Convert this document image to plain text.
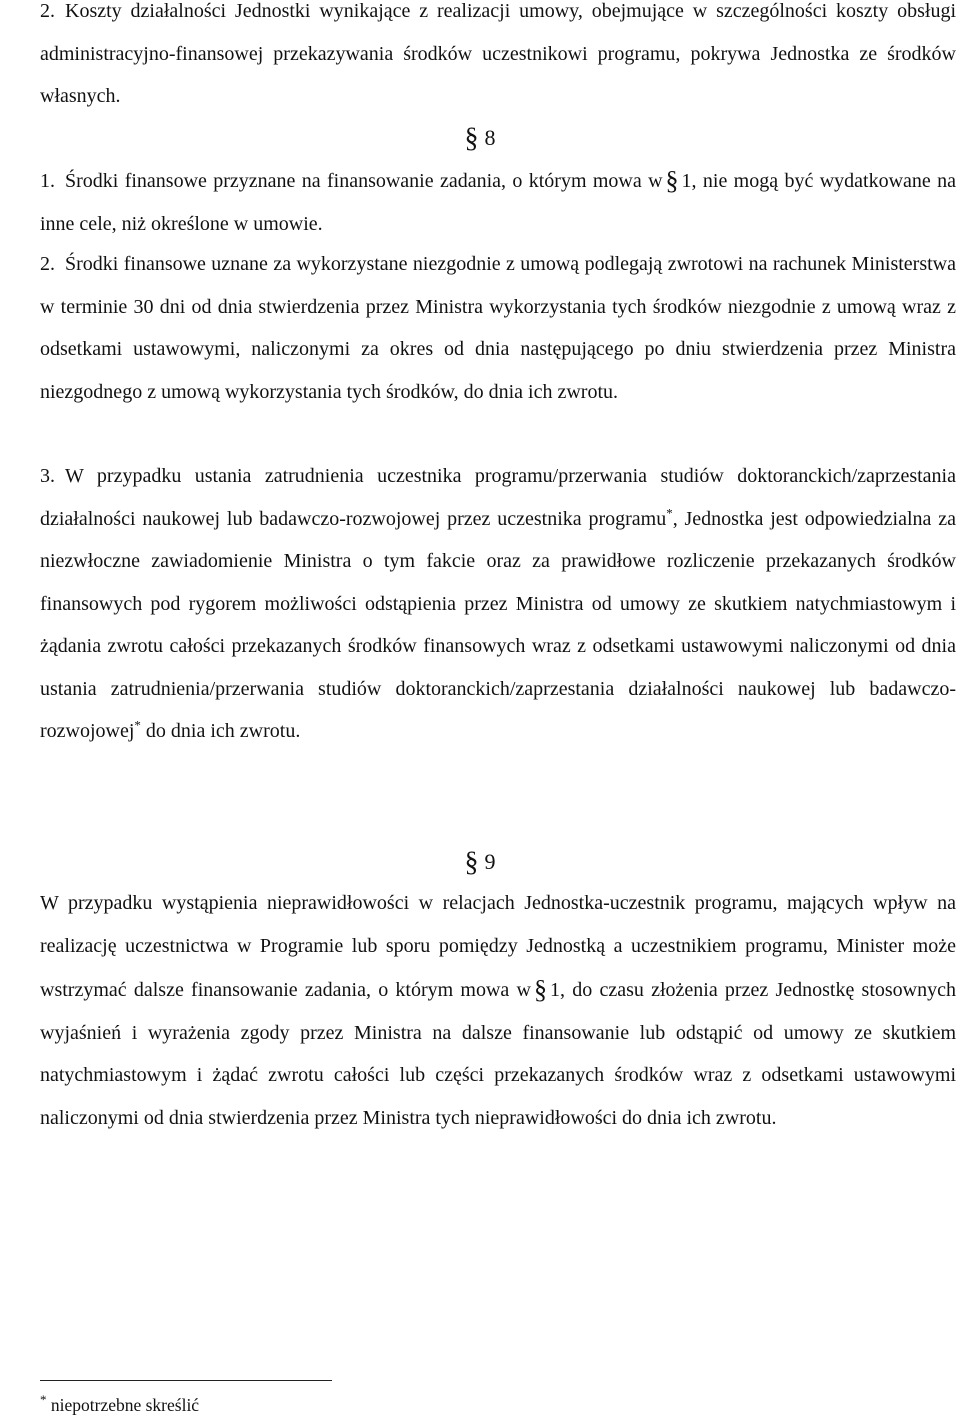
2. Koszty działalności Jednostki wynikające z realizacji umowy, obejmujące w szczególności koszty obsługi administracyjno-finansowej przekazywania środków uczestnikowi programu, pokrywa Jednostka ze środków własnych.

§ 8

1. Środki finansowe przyznane na finansowanie zadania, o którym mowa w § 1, nie mogą być wydatkowane na inne cele, niż określone w umowie.

2. Środki finansowe uznane za wykorzystane niezgodnie z umową podlegają zwrotowi na rachunek Ministerstwa w terminie 30 dni od dnia stwierdzenia przez Ministra wykorzystania tych środków niezgodnie z umową wraz z odsetkami ustawowymi, naliczonymi za okres od dnia następującego po dniu stwierdzenia przez Ministra niezgodnego z umową wykorzystania tych środków, do dnia ich zwrotu.

3. W przypadku ustania zatrudnienia uczestnika programu/przerwania studiów doktoranckich/zaprzestania działalności naukowej lub badawczo-rozwojowej przez uczestnika programu*, Jednostka jest odpowiedzialna za niezwłoczne zawiadomienie Ministra o tym fakcie oraz za prawidłowe rozliczenie przekazanych środków finansowych pod rygorem możliwości odstąpienia przez Ministra od umowy ze skutkiem natychmiastowym i żądania zwrotu całości przekazanych środków finansowych wraz z odsetkami ustawowymi naliczonymi od dnia ustania zatrudnienia/przerwania studiów doktoranckich/zaprzestania działalności naukowej lub badawczo-rozwojowej* do dnia ich zwrotu.

§ 9

W przypadku wystąpienia nieprawidłowości w relacjach Jednostka-uczestnik programu, mających wpływ na realizację uczestnictwa w Programie lub sporu pomiędzy Jednostką a uczestnikiem programu, Minister może wstrzymać dalsze finansowanie zadania, o którym mowa w § 1, do czasu złożenia przez Jednostkę stosownych wyjaśnień i wyrażenia zgody przez Ministra na dalsze finansowanie lub odstąpić od umowy ze skutkiem natychmiastowym i żądać zwrotu całości lub części przekazanych środków wraz z odsetkami ustawowymi naliczonymi od dnia stwierdzenia przez Ministra tych nieprawidłowości do dnia ich zwrotu.

* niepotrzebne skreślić
